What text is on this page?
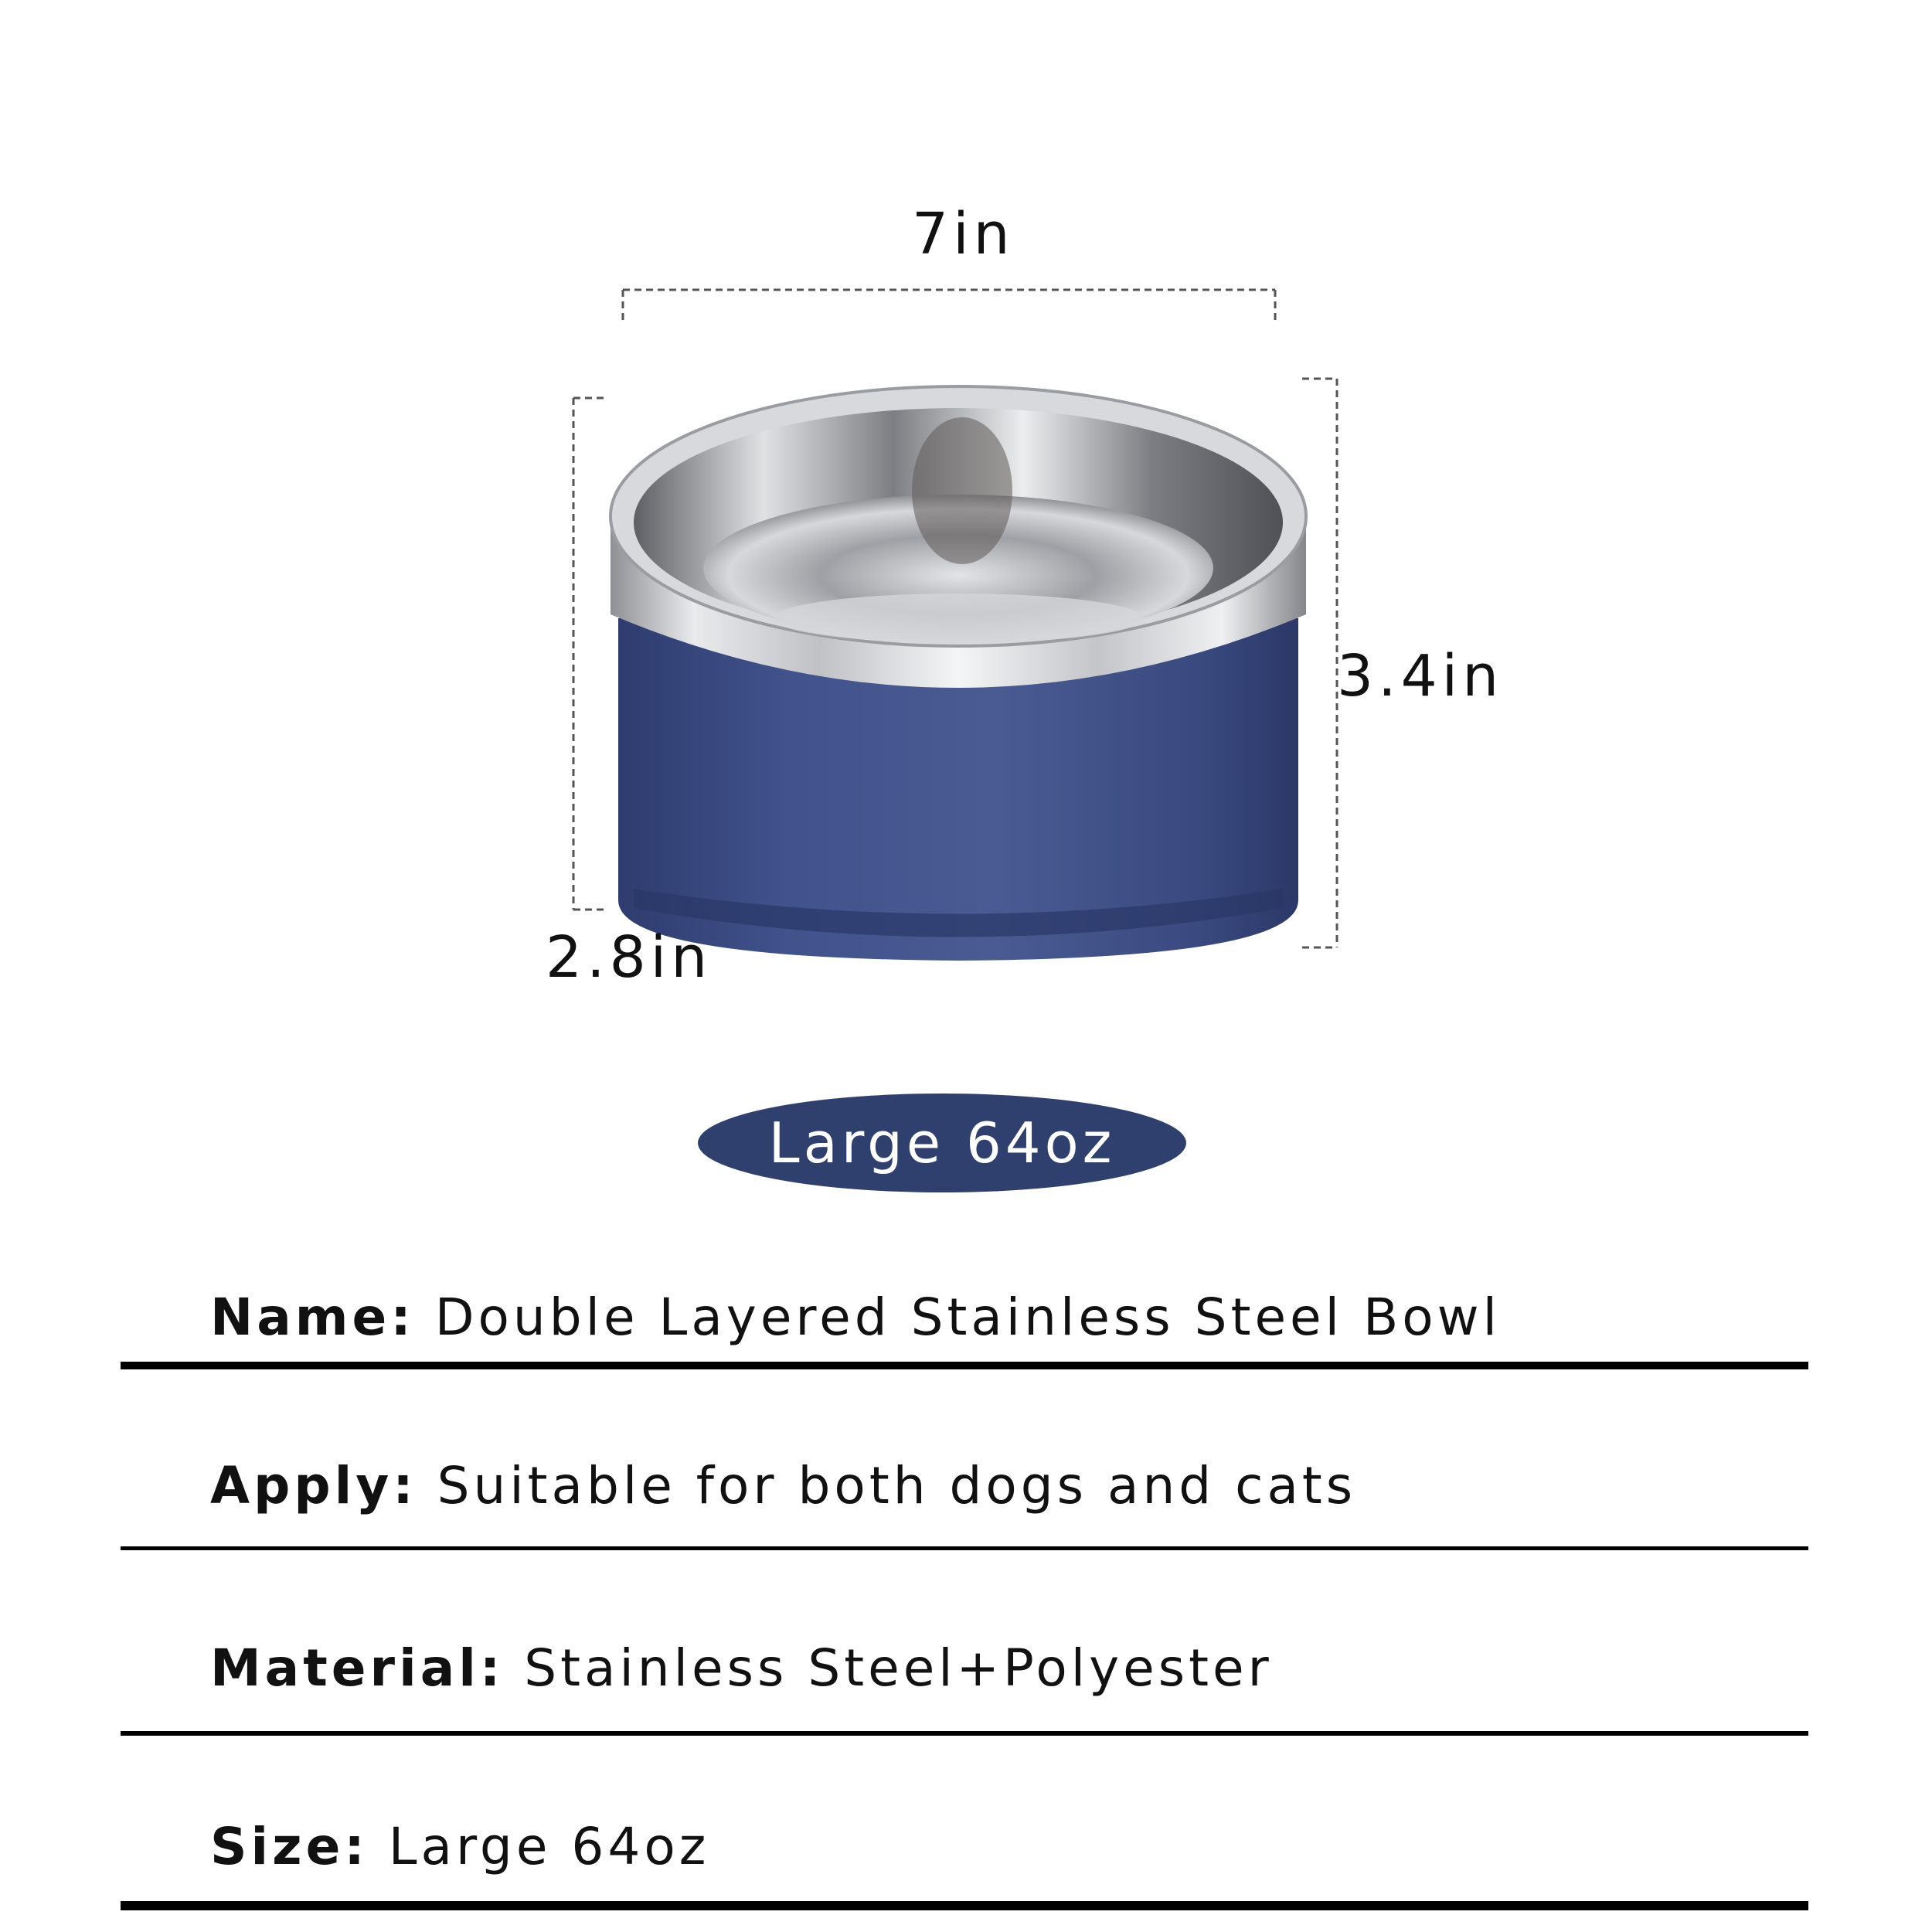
7in
3.4in
2.8in
Large 64oz
Name: Double Layered Stainless Steel Bowl
Apply: Suitable for both dogs and cats
Material: Stainless Steel+Polyester
Size: Large 64oz
